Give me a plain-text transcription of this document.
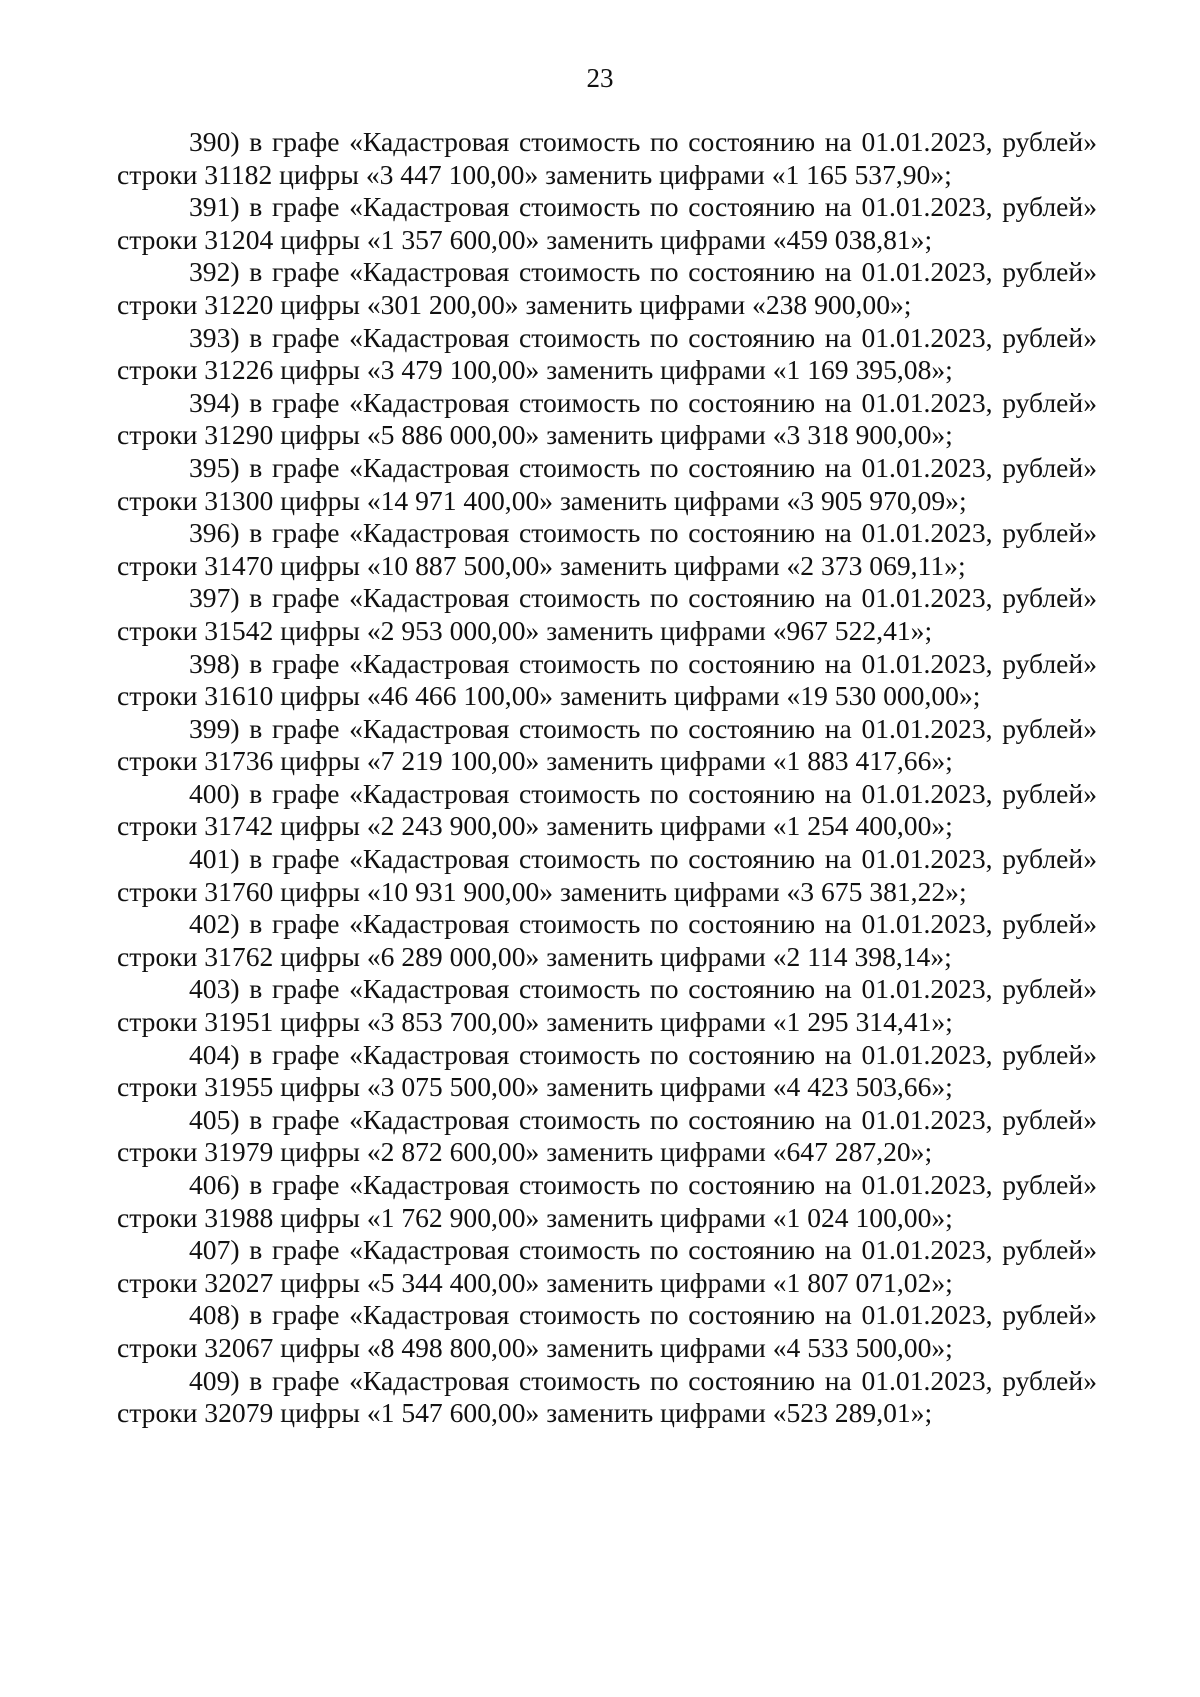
23

390) в графе «Кадастровая стоимость по состоянию на 01.01.2023, рублей» строки 31182 цифры «3 447 100,00» заменить цифрами «1 165 537,90»;

391) в графе «Кадастровая стоимость по состоянию на 01.01.2023, рублей» строки 31204 цифры «1 357 600,00» заменить цифрами «459 038,81»;

392) в графе «Кадастровая стоимость по состоянию на 01.01.2023, рублей» строки 31220 цифры «301 200,00» заменить цифрами «238 900,00»;

393) в графе «Кадастровая стоимость по состоянию на 01.01.2023, рублей» строки 31226 цифры «3 479 100,00» заменить цифрами «1 169 395,08»;

394) в графе «Кадастровая стоимость по состоянию на 01.01.2023, рублей» строки 31290 цифры «5 886 000,00» заменить цифрами «3 318 900,00»;

395) в графе «Кадастровая стоимость по состоянию на 01.01.2023, рублей» строки 31300 цифры «14 971 400,00» заменить цифрами «3 905 970,09»;

396) в графе «Кадастровая стоимость по состоянию на 01.01.2023, рублей» строки 31470 цифры «10 887 500,00» заменить цифрами «2 373 069,11»;

397) в графе «Кадастровая стоимость по состоянию на 01.01.2023, рублей» строки 31542 цифры «2 953 000,00» заменить цифрами «967 522,41»;

398) в графе «Кадастровая стоимость по состоянию на 01.01.2023, рублей» строки 31610 цифры «46 466 100,00» заменить цифрами «19 530 000,00»;

399) в графе «Кадастровая стоимость по состоянию на 01.01.2023, рублей» строки 31736 цифры «7 219 100,00» заменить цифрами «1 883 417,66»;

400) в графе «Кадастровая стоимость по состоянию на 01.01.2023, рублей» строки 31742 цифры «2 243 900,00» заменить цифрами «1 254 400,00»;

401) в графе «Кадастровая стоимость по состоянию на 01.01.2023, рублей» строки 31760 цифры «10 931 900,00» заменить цифрами «3 675 381,22»;

402) в графе «Кадастровая стоимость по состоянию на 01.01.2023, рублей» строки 31762 цифры «6 289 000,00» заменить цифрами «2 114 398,14»;

403) в графе «Кадастровая стоимость по состоянию на 01.01.2023, рублей» строки 31951 цифры «3 853 700,00» заменить цифрами «1 295 314,41»;

404) в графе «Кадастровая стоимость по состоянию на 01.01.2023, рублей» строки 31955 цифры «3 075 500,00» заменить цифрами «4 423 503,66»;

405) в графе «Кадастровая стоимость по состоянию на 01.01.2023, рублей» строки 31979 цифры «2 872 600,00» заменить цифрами «647 287,20»;

406) в графе «Кадастровая стоимость по состоянию на 01.01.2023, рублей» строки 31988 цифры «1 762 900,00» заменить цифрами «1 024 100,00»;

407) в графе «Кадастровая стоимость по состоянию на 01.01.2023, рублей» строки 32027 цифры «5 344 400,00» заменить цифрами «1 807 071,02»;

408) в графе «Кадастровая стоимость по состоянию на 01.01.2023, рублей» строки 32067 цифры «8 498 800,00» заменить цифрами «4 533 500,00»;

409) в графе «Кадастровая стоимость по состоянию на 01.01.2023, рублей» строки 32079 цифры «1 547 600,00» заменить цифрами «523 289,01»;
